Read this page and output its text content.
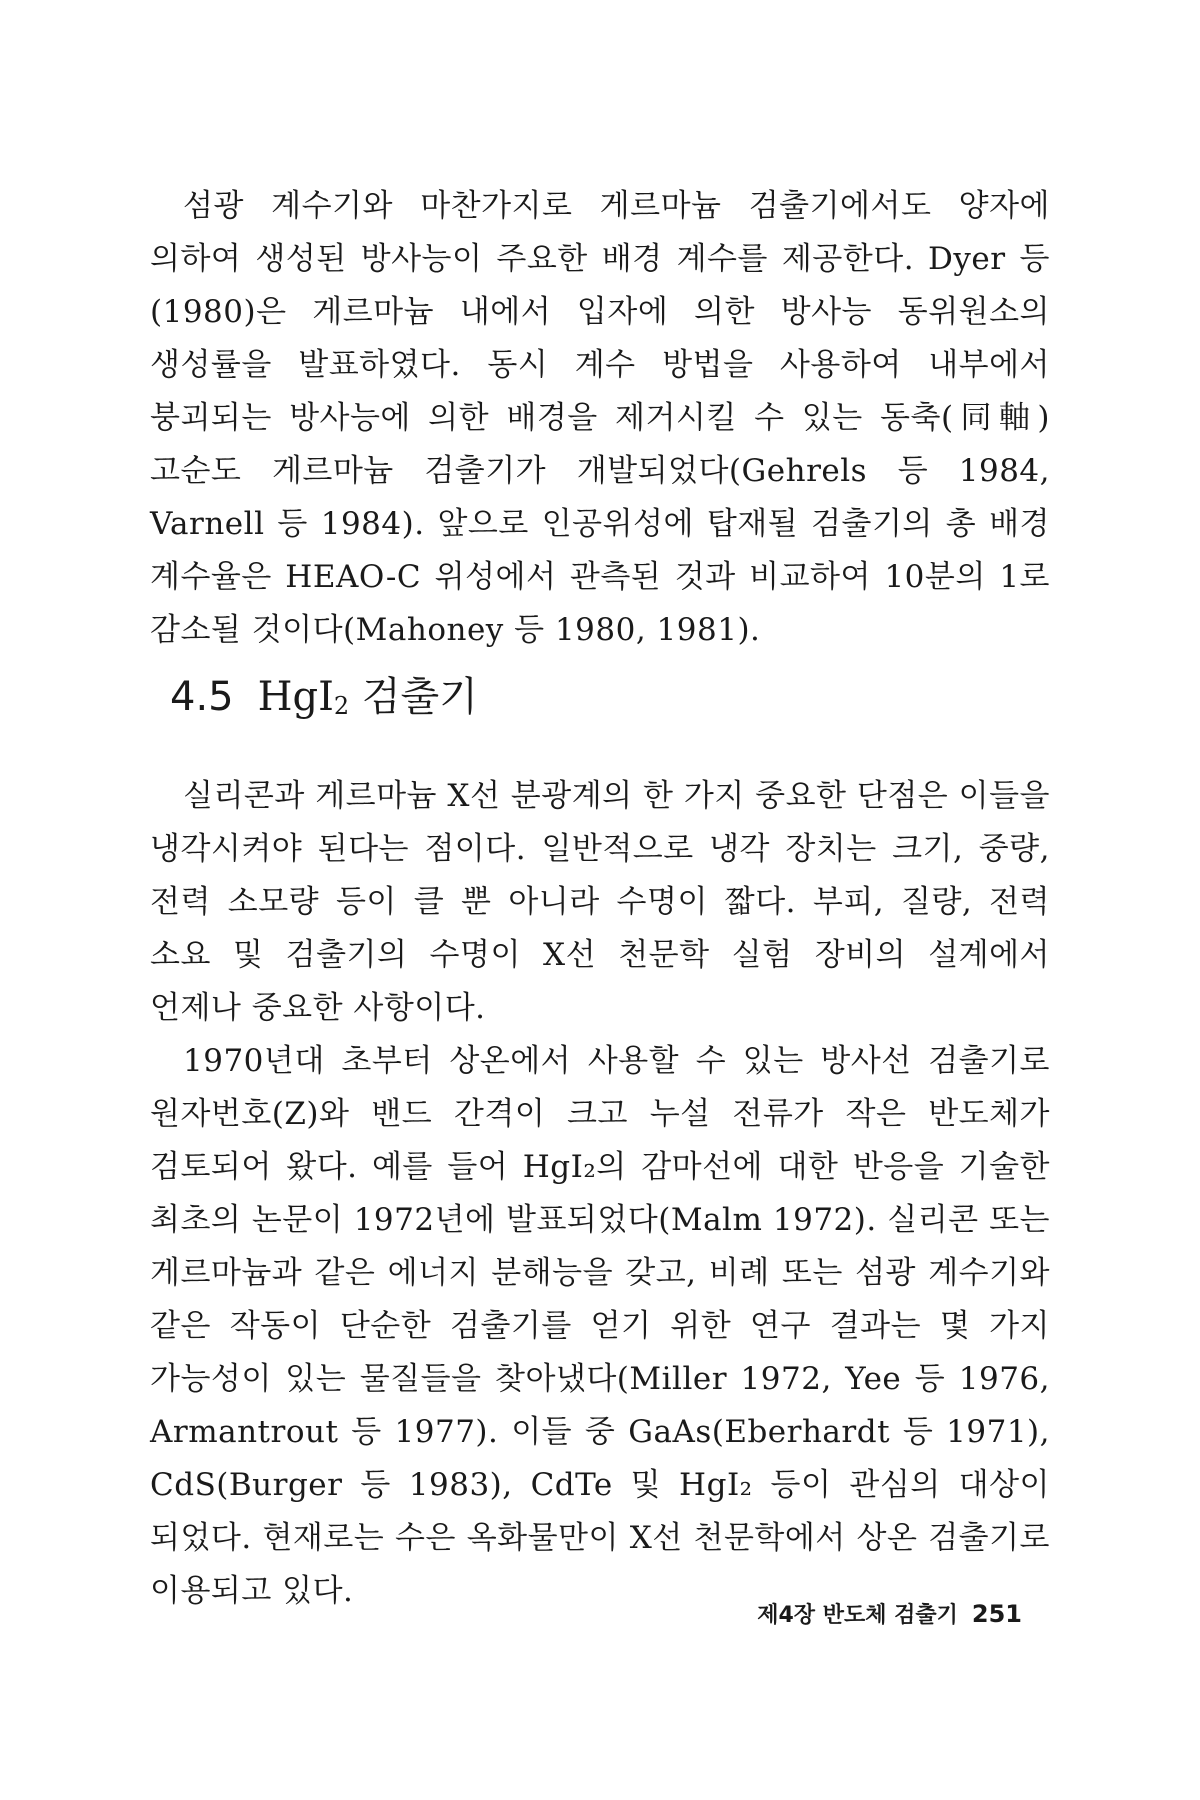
섬광 계수기와 마찬가지로 게르마늄 검출기에서도 양자에 의하여 생성된 방사능이 주요한 배경 계수를 제공한다. Dyer 등(1980)은 게르마늄 내에서 입자에 의한 방사능 동위원소의 생성률을 발표하였다. 동시 계수 방법을 사용하여 내부에서 붕괴되는 방사능에 의한 배경을 제거시킬 수 있는 동축(同軸) 고순도 게르마늄 검출기가 개발되었다(Gehrels 등 1984, Varnell 등 1984). 앞으로 인공위성에 탑재될 검출기의 총 배경 계수율은 HEAO-C 위성에서 관측된 것과 비교하여 10분의 1로 감소될 것이다(Mahoney 등 1980, 1981).

4.5 HgI$_2$ 검출기

실리콘과 게르마늄 X선 분광계의 한 가지 중요한 단점은 이들을 냉각시켜야 된다는 점이다. 일반적으로 냉각 장치는 크기, 중량, 전력 소모량 등이 클 뿐 아니라 수명이 짧다. 부피, 질량, 전력 소요 및 검출기의 수명이 X선 천문학 실험 장비의 설계에서 언제나 중요한 사항이다.

1970년대 초부터 상온에서 사용할 수 있는 방사선 검출기로 원자번호(Z)와 밴드 간격이 크고 누설 전류가 작은 반도체가 검토되어 왔다. 예를 들어 HgI₂의 감마선에 대한 반응을 기술한 최초의 논문이 1972년에 발표되었다(Malm 1972). 실리콘 또는 게르마늄과 같은 에너지 분해능을 갖고, 비례 또는 섬광 계수기와 같은 작동이 단순한 검출기를 얻기 위한 연구 결과는 몇 가지 가능성이 있는 물질들을 찾아냈다(Miller 1972, Yee 등 1976, Armantrout 등 1977). 이들 중 GaAs(Eberhardt 등 1971), CdS(Burger 등 1983), CdTe 및 HgI₂ 등이 관심의 대상이 되었다. 현재로는 수은 옥화물만이 X선 천문학에서 상온 검출기로 이용되고 있다.

제4장 반도체 검출기 251
